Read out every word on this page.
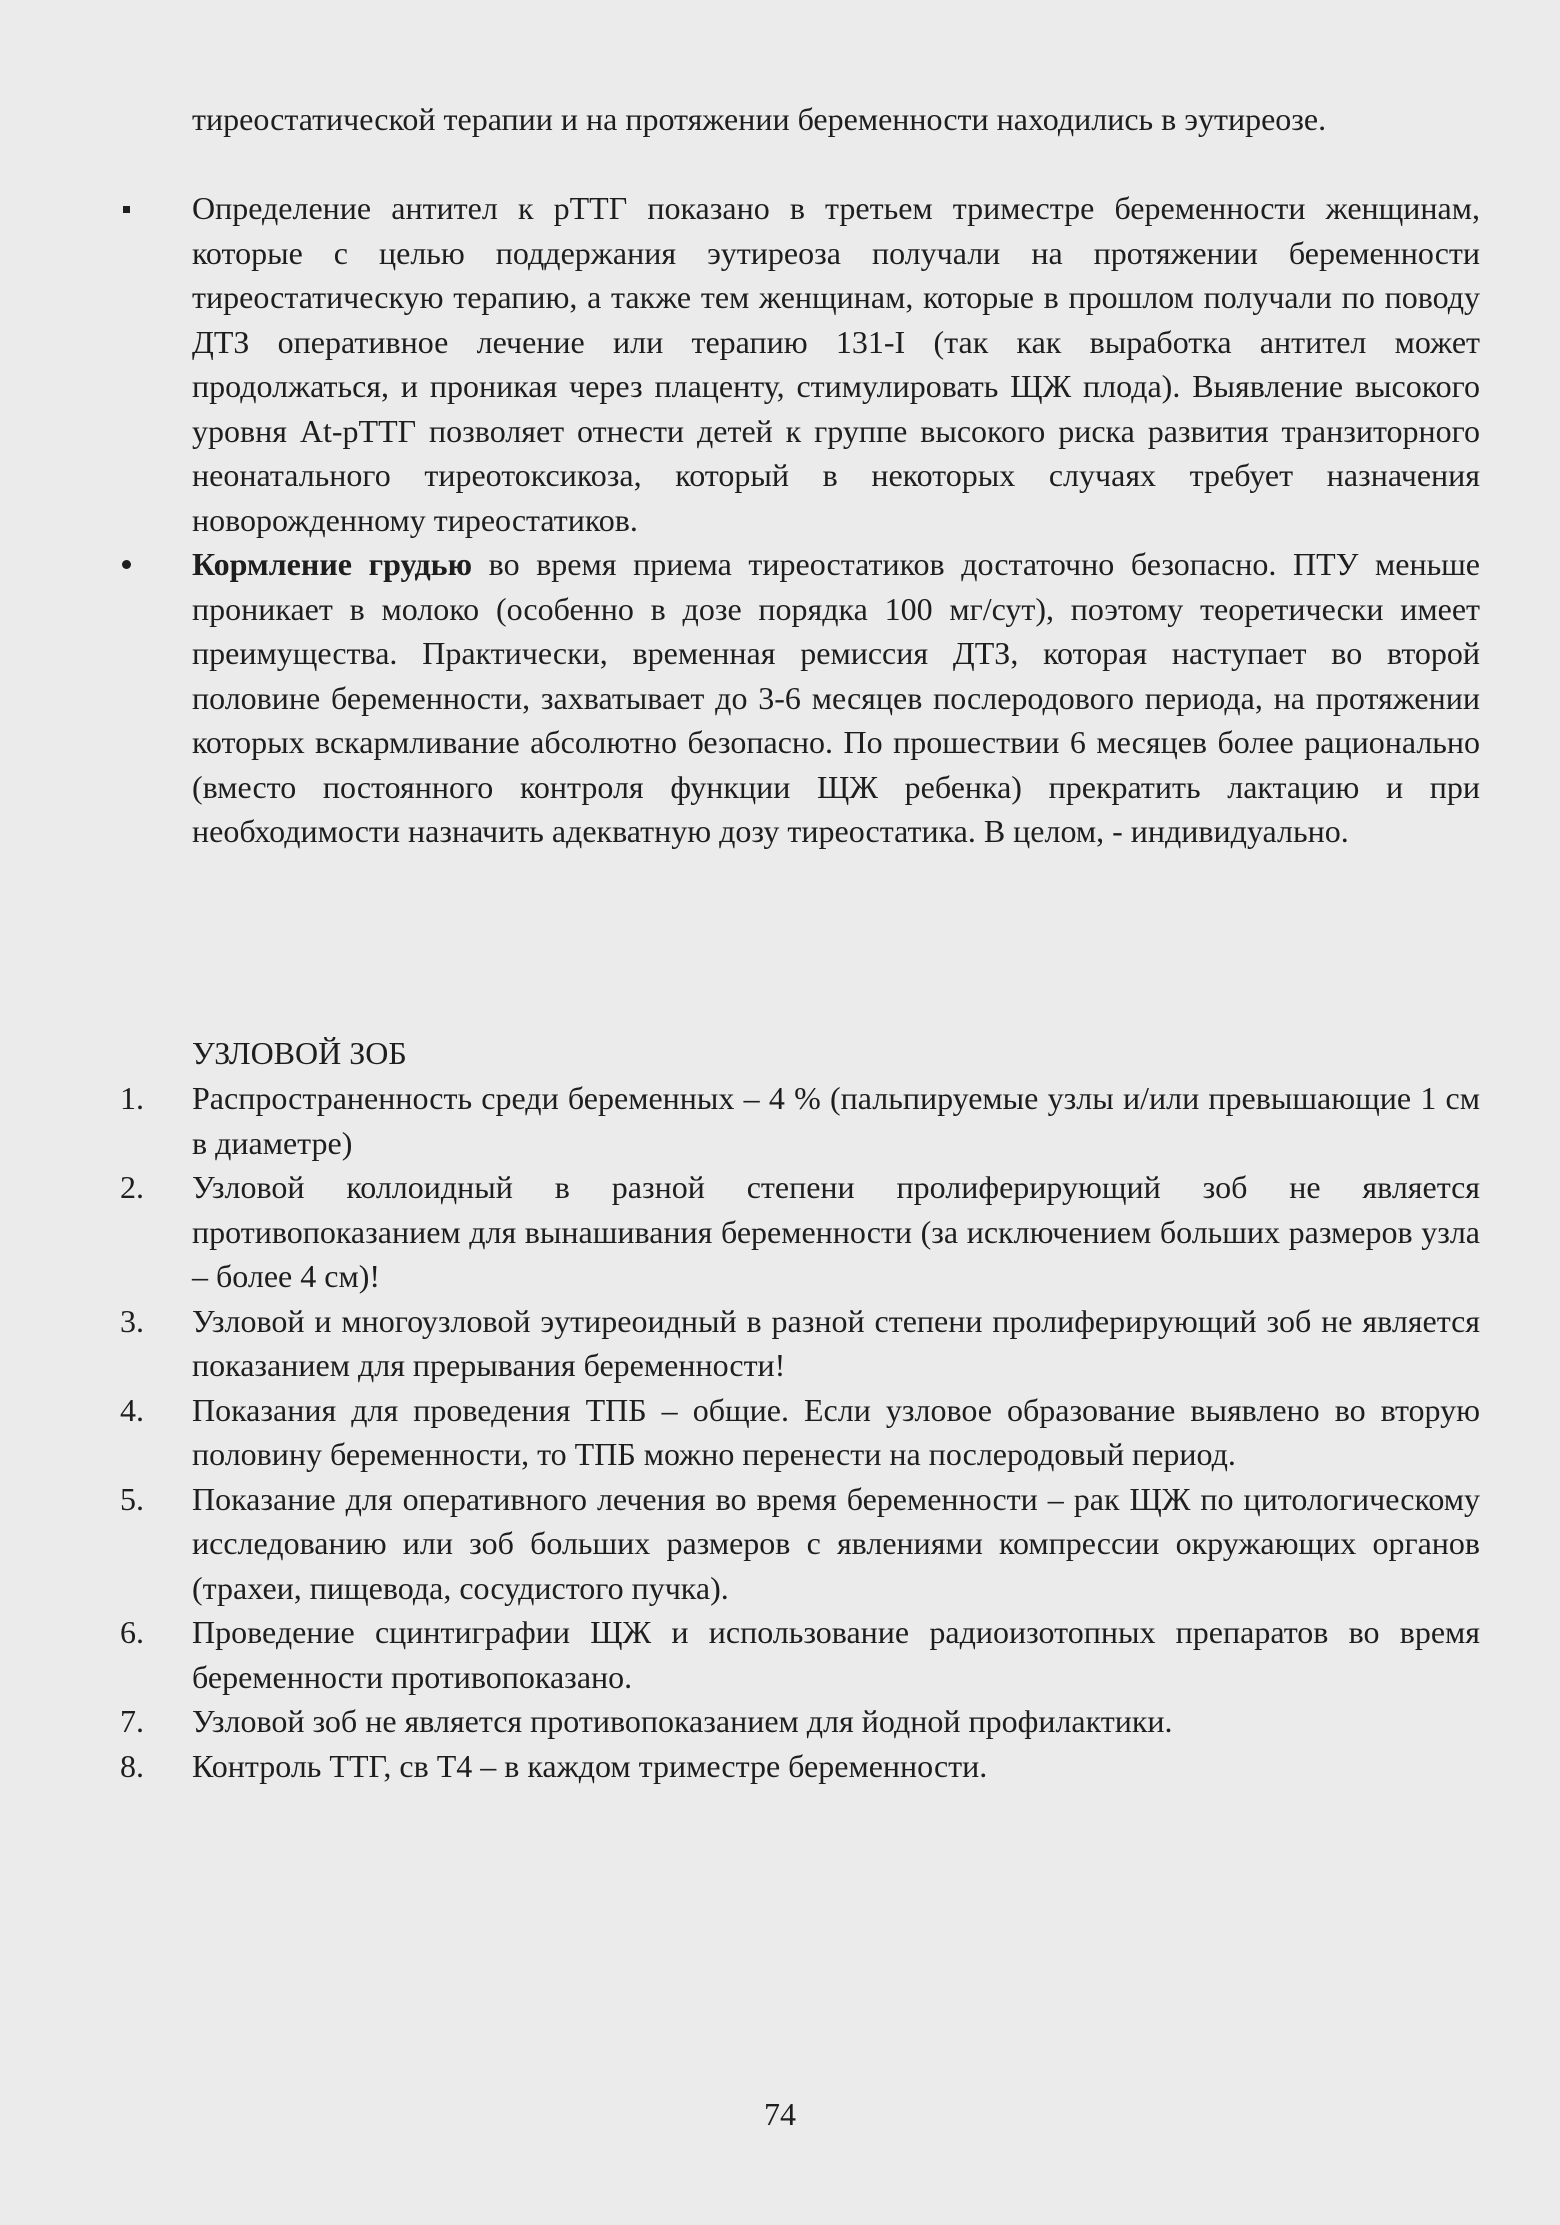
тиреостатической терапии и на протяжении беременности находились в эутиреозе.

Определение антител к рТТГ показано в третьем триместре беременности женщинам, которые с целью поддержания эутиреоза получали на протяжении беременности тиреостатическую терапию, а также тем женщинам, которые в прошлом получали по поводу ДТЗ оперативное лечение или терапию 131-I (так как выработка антител может продолжаться, и проникая через плаценту, стимулировать ЩЖ плода). Выявление высокого уровня At-рТТГ позволяет отнести детей к группе высокого риска развития транзиторного неонатального тиреотоксикоза, который в некоторых случаях требует назначения новорожденному тиреостатиков.

Кормление грудью во время приема тиреостатиков достаточно безопасно. ПТУ меньше проникает в молоко (особенно в дозе порядка 100 мг/сут), поэтому теоретически имеет преимущества. Практически, временная ремиссия ДТЗ, которая наступает во второй половине беременности, захватывает до 3-6 месяцев послеродового периода, на протяжении которых вскармливание абсолютно безопасно. По прошествии 6 месяцев более рационально (вместо постоянного контроля функции ЩЖ ребенка) прекратить лактацию и при необходимости назначить адекватную дозу тиреостатика. В целом, - индивидуально.

УЗЛОВОЙ ЗОБ
1.	Распространенность среди беременных – 4 % (пальпируемые узлы и/или превышающие 1 см в диаметре)

2.	Узловой коллоидный в разной степени пролиферирующий зоб не является противопоказанием для вынашивания беременности (за исключением больших размеров узла – более 4 см)!

3.	Узловой и многоузловой эутиреоидный в разной степени пролиферирующий зоб не является показанием для прерывания беременности!

4.	Показания для проведения ТПБ – общие. Если узловое образование выявлено во вторую половину беременности, то ТПБ можно перенести на послеродовый период.

5.	Показание для оперативного лечения во время беременности – рак ЩЖ по цитологическому исследованию или зоб больших размеров с явлениями компрессии окружающих органов (трахеи, пищевода, сосудистого пучка).

6.	Проведение сцинтиграфии ЩЖ и использование радиоизотопных препаратов во время беременности противопоказано.

7.	Узловой зоб не является противопоказанием для йодной профилактики.

8.	Контроль ТТГ, св Т4 – в каждом триместре беременности.

74
